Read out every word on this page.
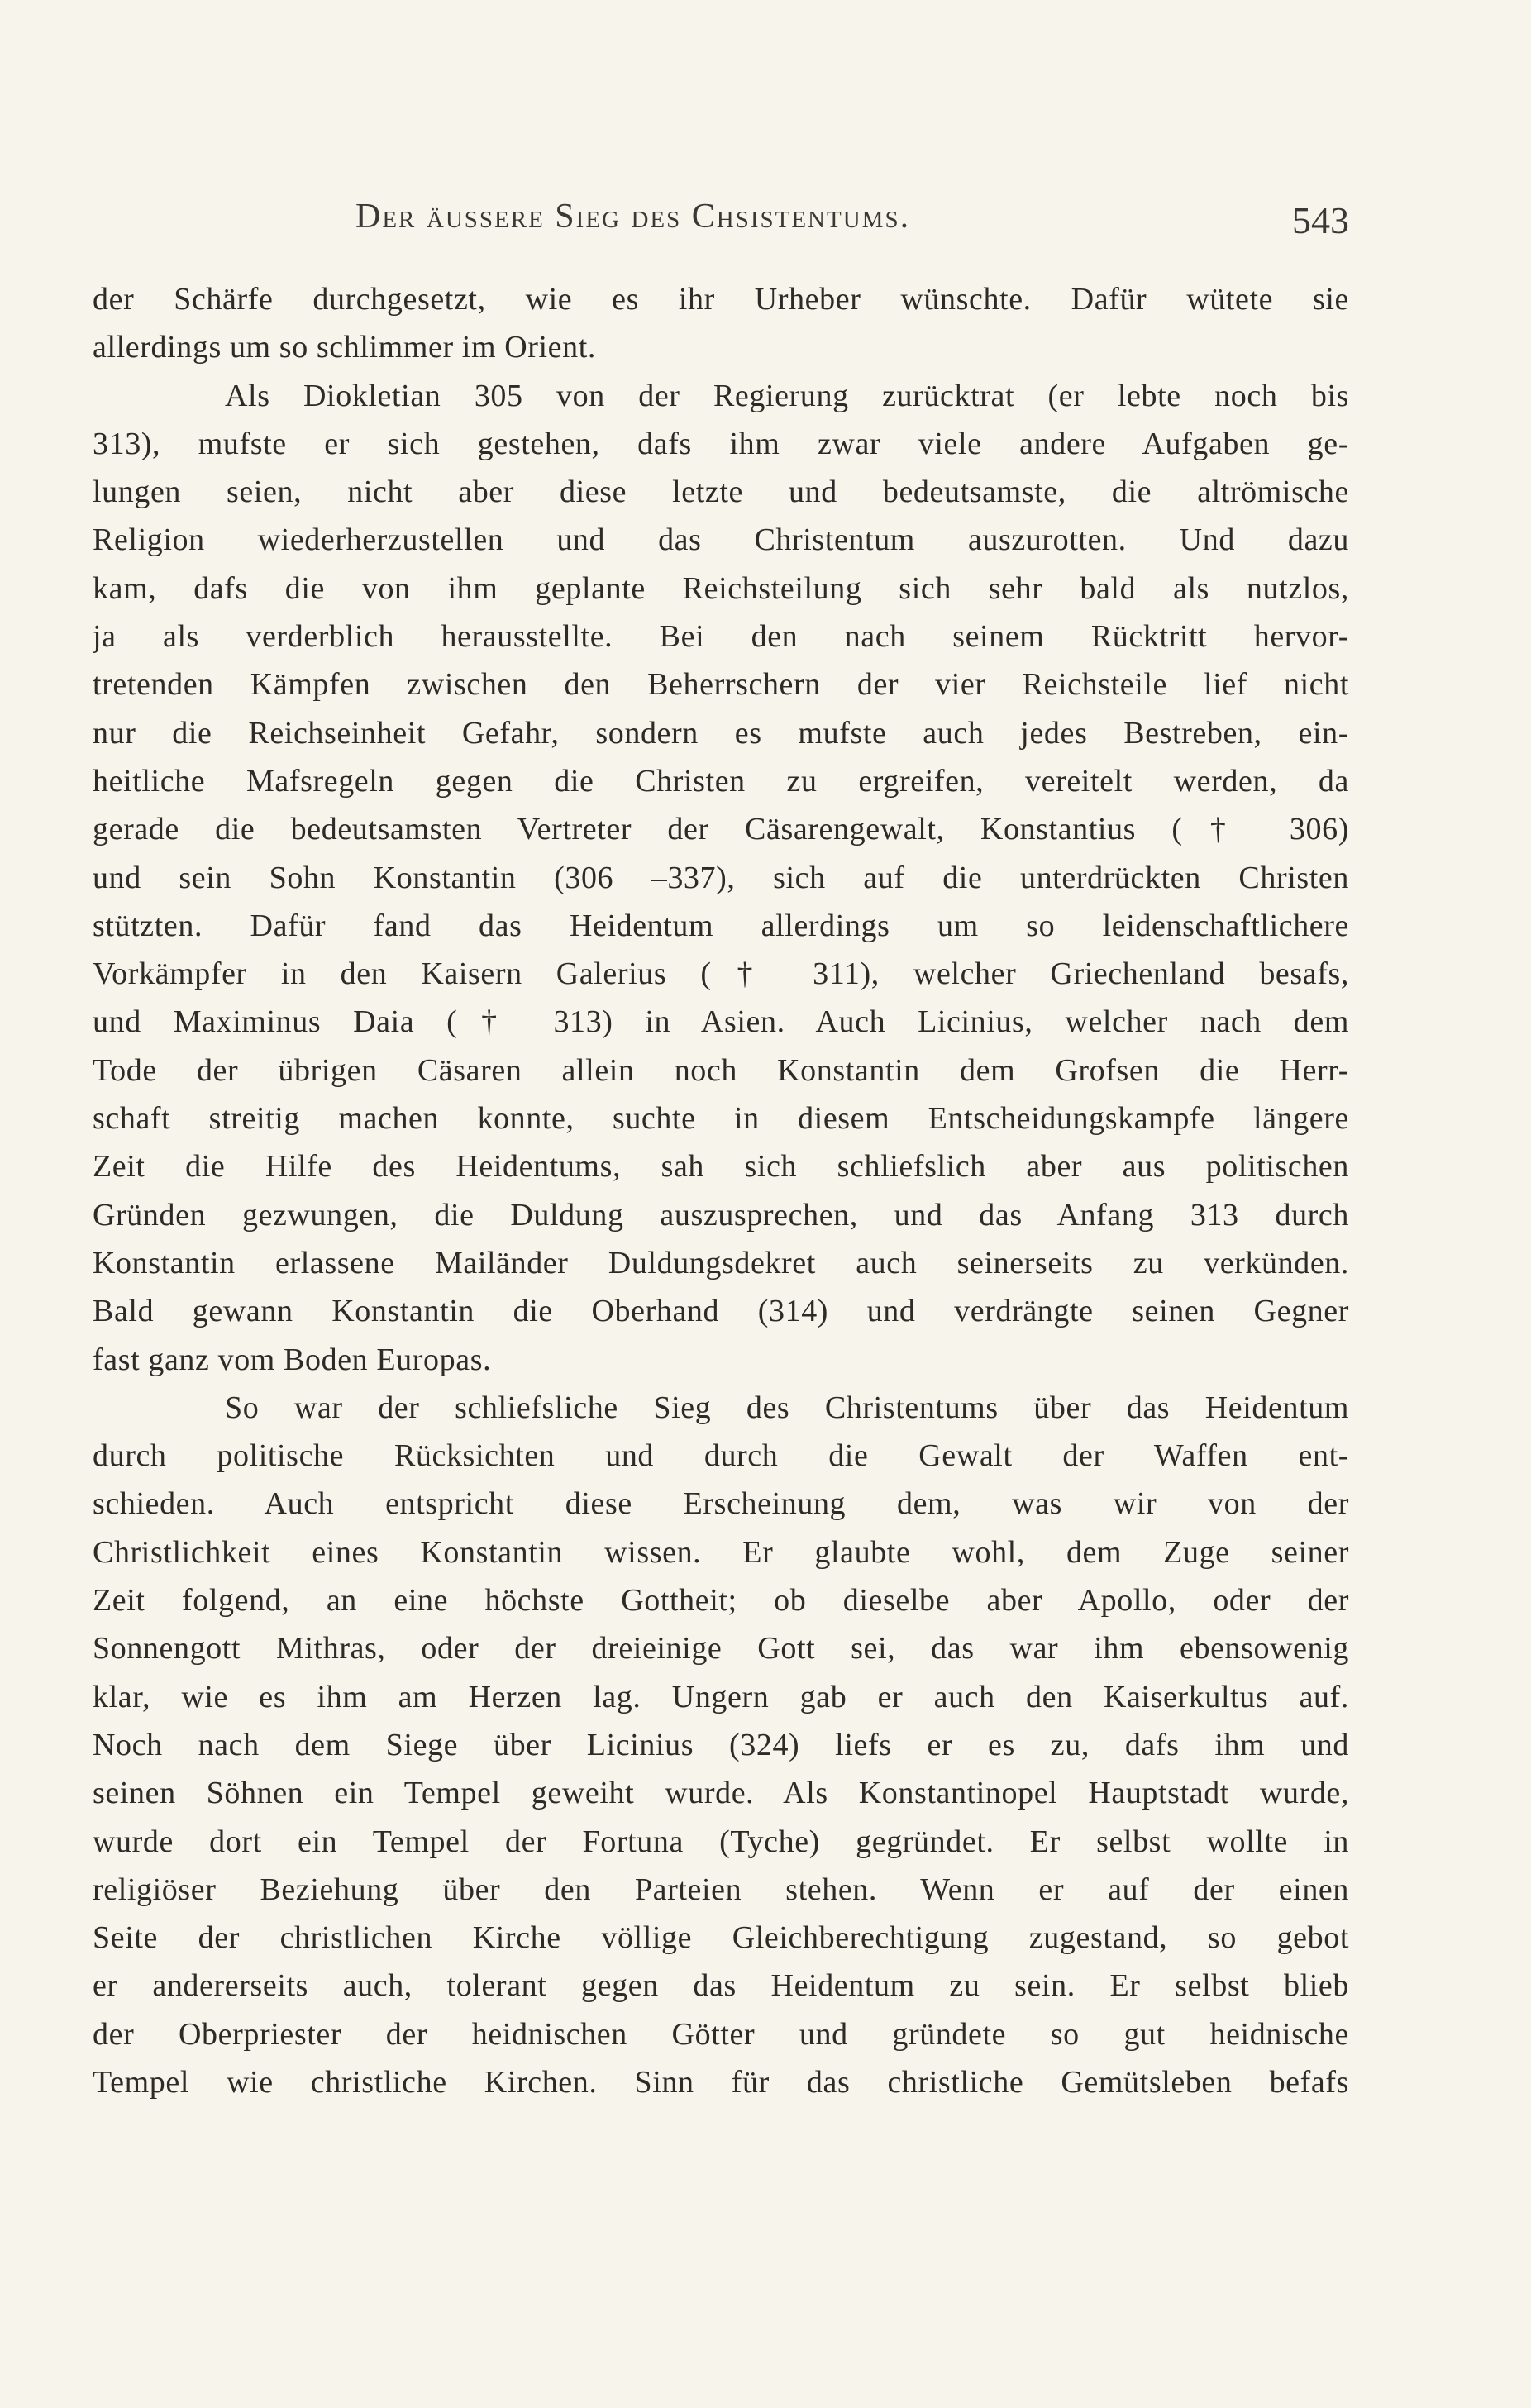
Der äussere Sieg des Chsistentums.	543
der Schärfe durchgesetzt, wie es ihr Urheber wünschte. Dafür wütete sie
allerdings um so schlimmer im Orient.
Als Diokletian 305 von der Regierung zurücktrat (er lebte noch bis
313), mufste er sich gestehen, dafs ihm zwar viele andere Aufgaben ge-
lungen seien, nicht aber diese letzte und bedeutsamste, die altrömische
Religion wiederherzustellen und das Christentum auszurotten. Und dazu
kam, dafs die von ihm geplante Reichsteilung sich sehr bald als nutzlos,
ja als verderblich herausstellte. Bei den nach seinem Rücktritt hervor-
tretenden Kämpfen zwischen den Beherrschern der vier Reichsteile lief nicht
nur die Reichseinheit Gefahr, sondern es mufste auch jedes Bestreben, ein-
heitliche Mafsregeln gegen die Christen zu ergreifen, vereitelt werden, da
gerade die bedeutsamsten Vertreter der Cäsarengewalt, Konstantius († 306)
und sein Sohn Konstantin (306 –337), sich auf die unterdrückten Christen
stützten. Dafür fand das Heidentum allerdings um so leidenschaftlichere
Vorkämpfer in den Kaisern Galerius († 311), welcher Griechenland besafs,
und Maximinus Daia († 313) in Asien. Auch Licinius, welcher nach dem
Tode der übrigen Cäsaren allein noch Konstantin dem Grofsen die Herr-
schaft streitig machen konnte, suchte in diesem Entscheidungskampfe längere
Zeit die Hilfe des Heidentums, sah sich schliefslich aber aus politischen
Gründen gezwungen, die Duldung auszusprechen, und das Anfang 313 durch
Konstantin erlassene Mailänder Duldungsdekret auch seinerseits zu verkünden.
Bald gewann Konstantin die Oberhand (314) und verdrängte seinen Gegner
fast ganz vom Boden Europas.
So war der schliefsliche Sieg des Christentums über das Heidentum
durch politische Rücksichten und durch die Gewalt der Waffen ent-
schieden. Auch entspricht diese Erscheinung dem, was wir von der
Christlichkeit eines Konstantin wissen. Er glaubte wohl, dem Zuge seiner
Zeit folgend, an eine höchste Gottheit; ob dieselbe aber Apollo, oder der
Sonnengott Mithras, oder der dreieinige Gott sei, das war ihm ebensowenig
klar, wie es ihm am Herzen lag. Ungern gab er auch den Kaiserkultus auf.
Noch nach dem Siege über Licinius (324) liefs er es zu, dafs ihm und
seinen Söhnen ein Tempel geweiht wurde. Als Konstantinopel Hauptstadt wurde,
wurde dort ein Tempel der Fortuna (Tyche) gegründet. Er selbst wollte in
religiöser Beziehung über den Parteien stehen. Wenn er auf der einen
Seite der christlichen Kirche völlige Gleichberechtigung zugestand, so gebot
er andererseits auch, tolerant gegen das Heidentum zu sein. Er selbst blieb
der Oberpriester der heidnischen Götter und gründete so gut heidnische
Tempel wie christliche Kirchen. Sinn für das christliche Gemütsleben befafs
